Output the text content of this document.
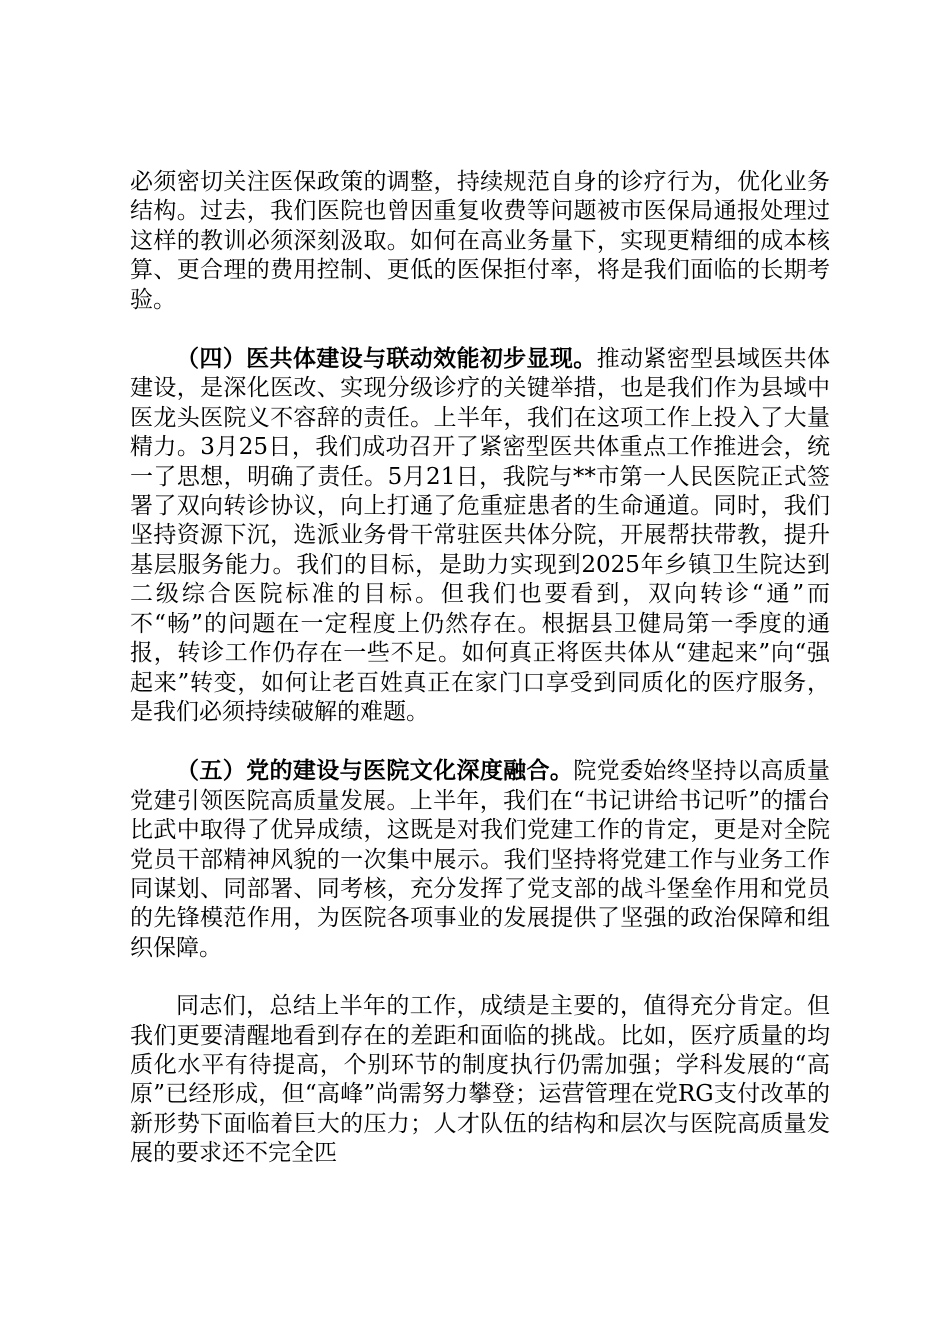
必须密切关注医保政策的调整，持续规范自身的诊疗行为，优化业务结构。过去，我们医院也曾因重复收费等问题被市医保局通报处理过这样的教训必须深刻汲取。如何在高业务量下，实现更精细的成本核算、更合理的费用控制、更低的医保拒付率，将是我们面临的长期考验。

（四）医共体建设与联动效能初步显现。推动紧密型县域医共体建设，是深化医改、实现分级诊疗的关键举措，也是我们作为县域中医龙头医院义不容辞的责任。上半年，我们在这项工作上投入了大量精力。3月25日，我们成功召开了紧密型医共体重点工作推进会，统一了思想，明确了责任。5月21日，我院与**市第一人民医院正式签署了双向转诊协议，向上打通了危重症患者的生命通道。同时，我们坚持资源下沉，选派业务骨干常驻医共体分院，开展帮扶带教，提升基层服务能力。我们的目标，是助力实现到2025年乡镇卫生院达到二级综合医院标准的目标。但我们也要看到，双向转诊“通”而不“畅”的问题在一定程度上仍然存在。根据县卫健局第一季度的通报，转诊工作仍存在一些不足。如何真正将医共体从“建起来”向“强起来”转变，如何让老百姓真正在家门口享受到同质化的医疗服务，是我们必须持续破解的难题。

（五）党的建设与医院文化深度融合。院党委始终坚持以高质量党建引领医院高质量发展。上半年，我们在“书记讲给书记听”的擂台比武中取得了优异成绩，这既是对我们党建工作的肯定，更是对全院党员干部精神风貌的一次集中展示。我们坚持将党建工作与业务工作同谋划、同部署、同考核，充分发挥了党支部的战斗堡垒作用和党员的先锋模范作用，为医院各项事业的发展提供了坚强的政治保障和组织保障。

同志们，总结上半年的工作，成绩是主要的，值得充分肯定。但我们更要清醒地看到存在的差距和面临的挑战。比如，医疗质量的均质化水平有待提高，个别环节的制度执行仍需加强；学科发展的“高原”已经形成，但“高峰”尚需努力攀登；运营管理在党RG支付改革的新形势下面临着巨大的压力；人才队伍的结构和层次与医院高质量发展的要求还不完全匹
